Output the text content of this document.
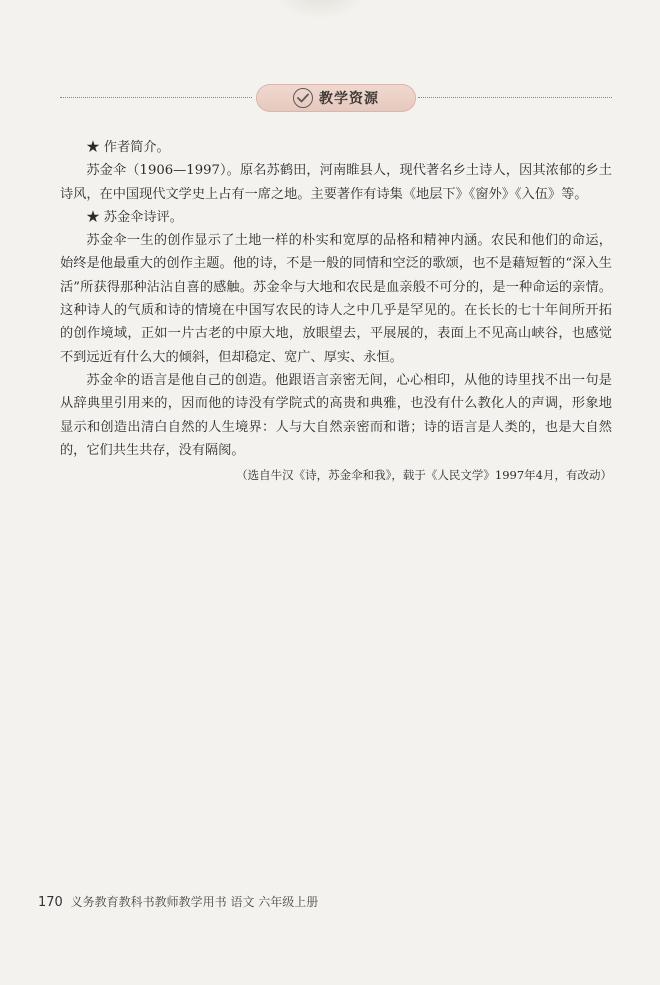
教学资源

★ 作者简介。

苏金伞（1906—1997）。原名苏鹤田，河南睢县人，现代著名乡土诗人，因其浓郁的乡土诗风，在中国现代文学史上占有一席之地。主要著作有诗集《地层下》《窗外》《入伍》等。

★ 苏金伞诗评。

苏金伞一生的创作显示了土地一样的朴实和宽厚的品格和精神内涵。农民和他们的命运，始终是他最重大的创作主题。他的诗，不是一般的同情和空泛的歌颂，也不是藉短暂的“深入生活”所获得那种沾沾自喜的感触。苏金伞与大地和农民是血亲般不可分的，是一种命运的亲情。这种诗人的气质和诗的情境在中国写农民的诗人之中几乎是罕见的。在长长的七十年间所开拓的创作境域，正如一片古老的中原大地，放眼望去，平展展的，表面上不见高山峡谷，也感觉不到远近有什么大的倾斜，但却稳定、宽广、厚实、永恒。

苏金伞的语言是他自己的创造。他跟语言亲密无间，心心相印，从他的诗里找不出一句是从辞典里引用来的，因而他的诗没有学院式的高贵和典雅，也没有什么教化人的声调，形象地显示和创造出清白自然的人生境界：人与大自然亲密而和谐；诗的语言是人类的，也是大自然的，它们共生共存，没有隔阂。

（选自牛汉《诗，苏金伞和我》，载于《人民文学》1997年4月，有改动）

170 义务教育教科书教师教学用书 语文 六年级上册
